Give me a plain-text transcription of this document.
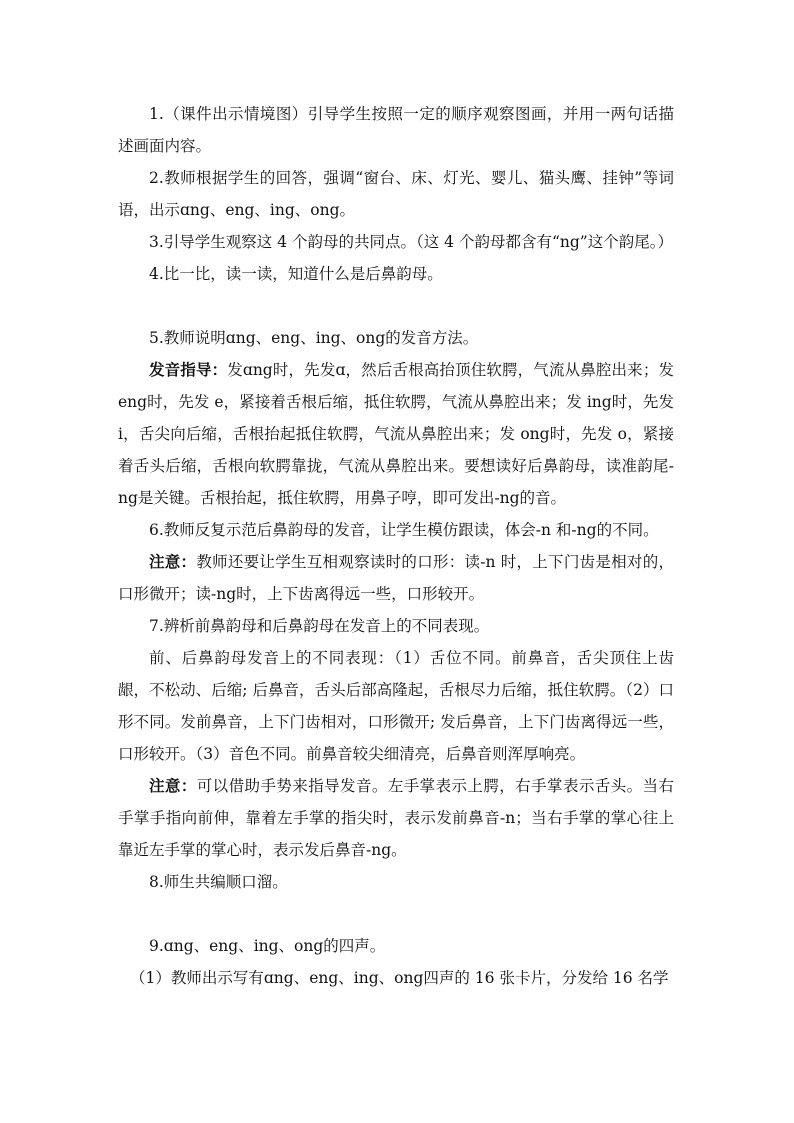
1.（课件出示情境图）引导学生按照一定的顺序观察图画，并用一两句话描述画面内容。

2.教师根据学生的回答，强调“窗台、床、灯光、婴儿、猫头鹰、挂钟”等词语，出示ɑng、eng、ing、ong。

3.引导学生观察这 4 个韵母的共同点。（这 4 个韵母都含有“ng”这个韵尾。）

4.比一比，读一读，知道什么是后鼻韵母。

5.教师说明ɑng、eng、ing、ong的发音方法。

发音指导：发ɑng时，先发ɑ，然后舌根高抬顶住软腭，气流从鼻腔出来；发 eng时，先发 e，紧接着舌根后缩，抵住软腭，气流从鼻腔出来；发 ing时，先发 i，舌尖向后缩，舌根抬起抵住软腭，气流从鼻腔出来；发 ong时，先发 o，紧接着舌头后缩，舌根向软腭靠拢，气流从鼻腔出来。要想读好后鼻韵母，读准韵尾-ng是关键。舌根抬起，抵住软腭，用鼻子哼，即可发出-ng的音。

6.教师反复示范后鼻韵母的发音，让学生模仿跟读，体会-n 和-ng的不同。

注意：教师还要让学生互相观察读时的口形：读-n 时，上下门齿是相对的，口形微开；读-ng时，上下齿离得远一些，口形较开。

7.辨析前鼻韵母和后鼻韵母在发音上的不同表现。

前、后鼻韵母发音上的不同表现：（1）舌位不同。前鼻音，舌尖顶住上齿龈，不松动、后缩; 后鼻音，舌头后部高隆起，舌根尽力后缩，抵住软腭。（2）口形不同。发前鼻音，上下门齿相对，口形微开; 发后鼻音，上下门齿离得远一些，口形较开。（3）音色不同。前鼻音较尖细清亮，后鼻音则浑厚响亮。

注意：可以借助手势来指导发音。左手掌表示上腭，右手掌表示舌头。当右手掌手指向前伸，靠着左手掌的指尖时，表示发前鼻音-n；当右手掌的掌心往上靠近左手掌的掌心时，表示发后鼻音-ng。

8.师生共编顺口溜。

9.ɑng、eng、ing、ong的四声。

（1）教师出示写有ɑng、eng、ing、ong四声的 16 张卡片，分发给 16 名学
